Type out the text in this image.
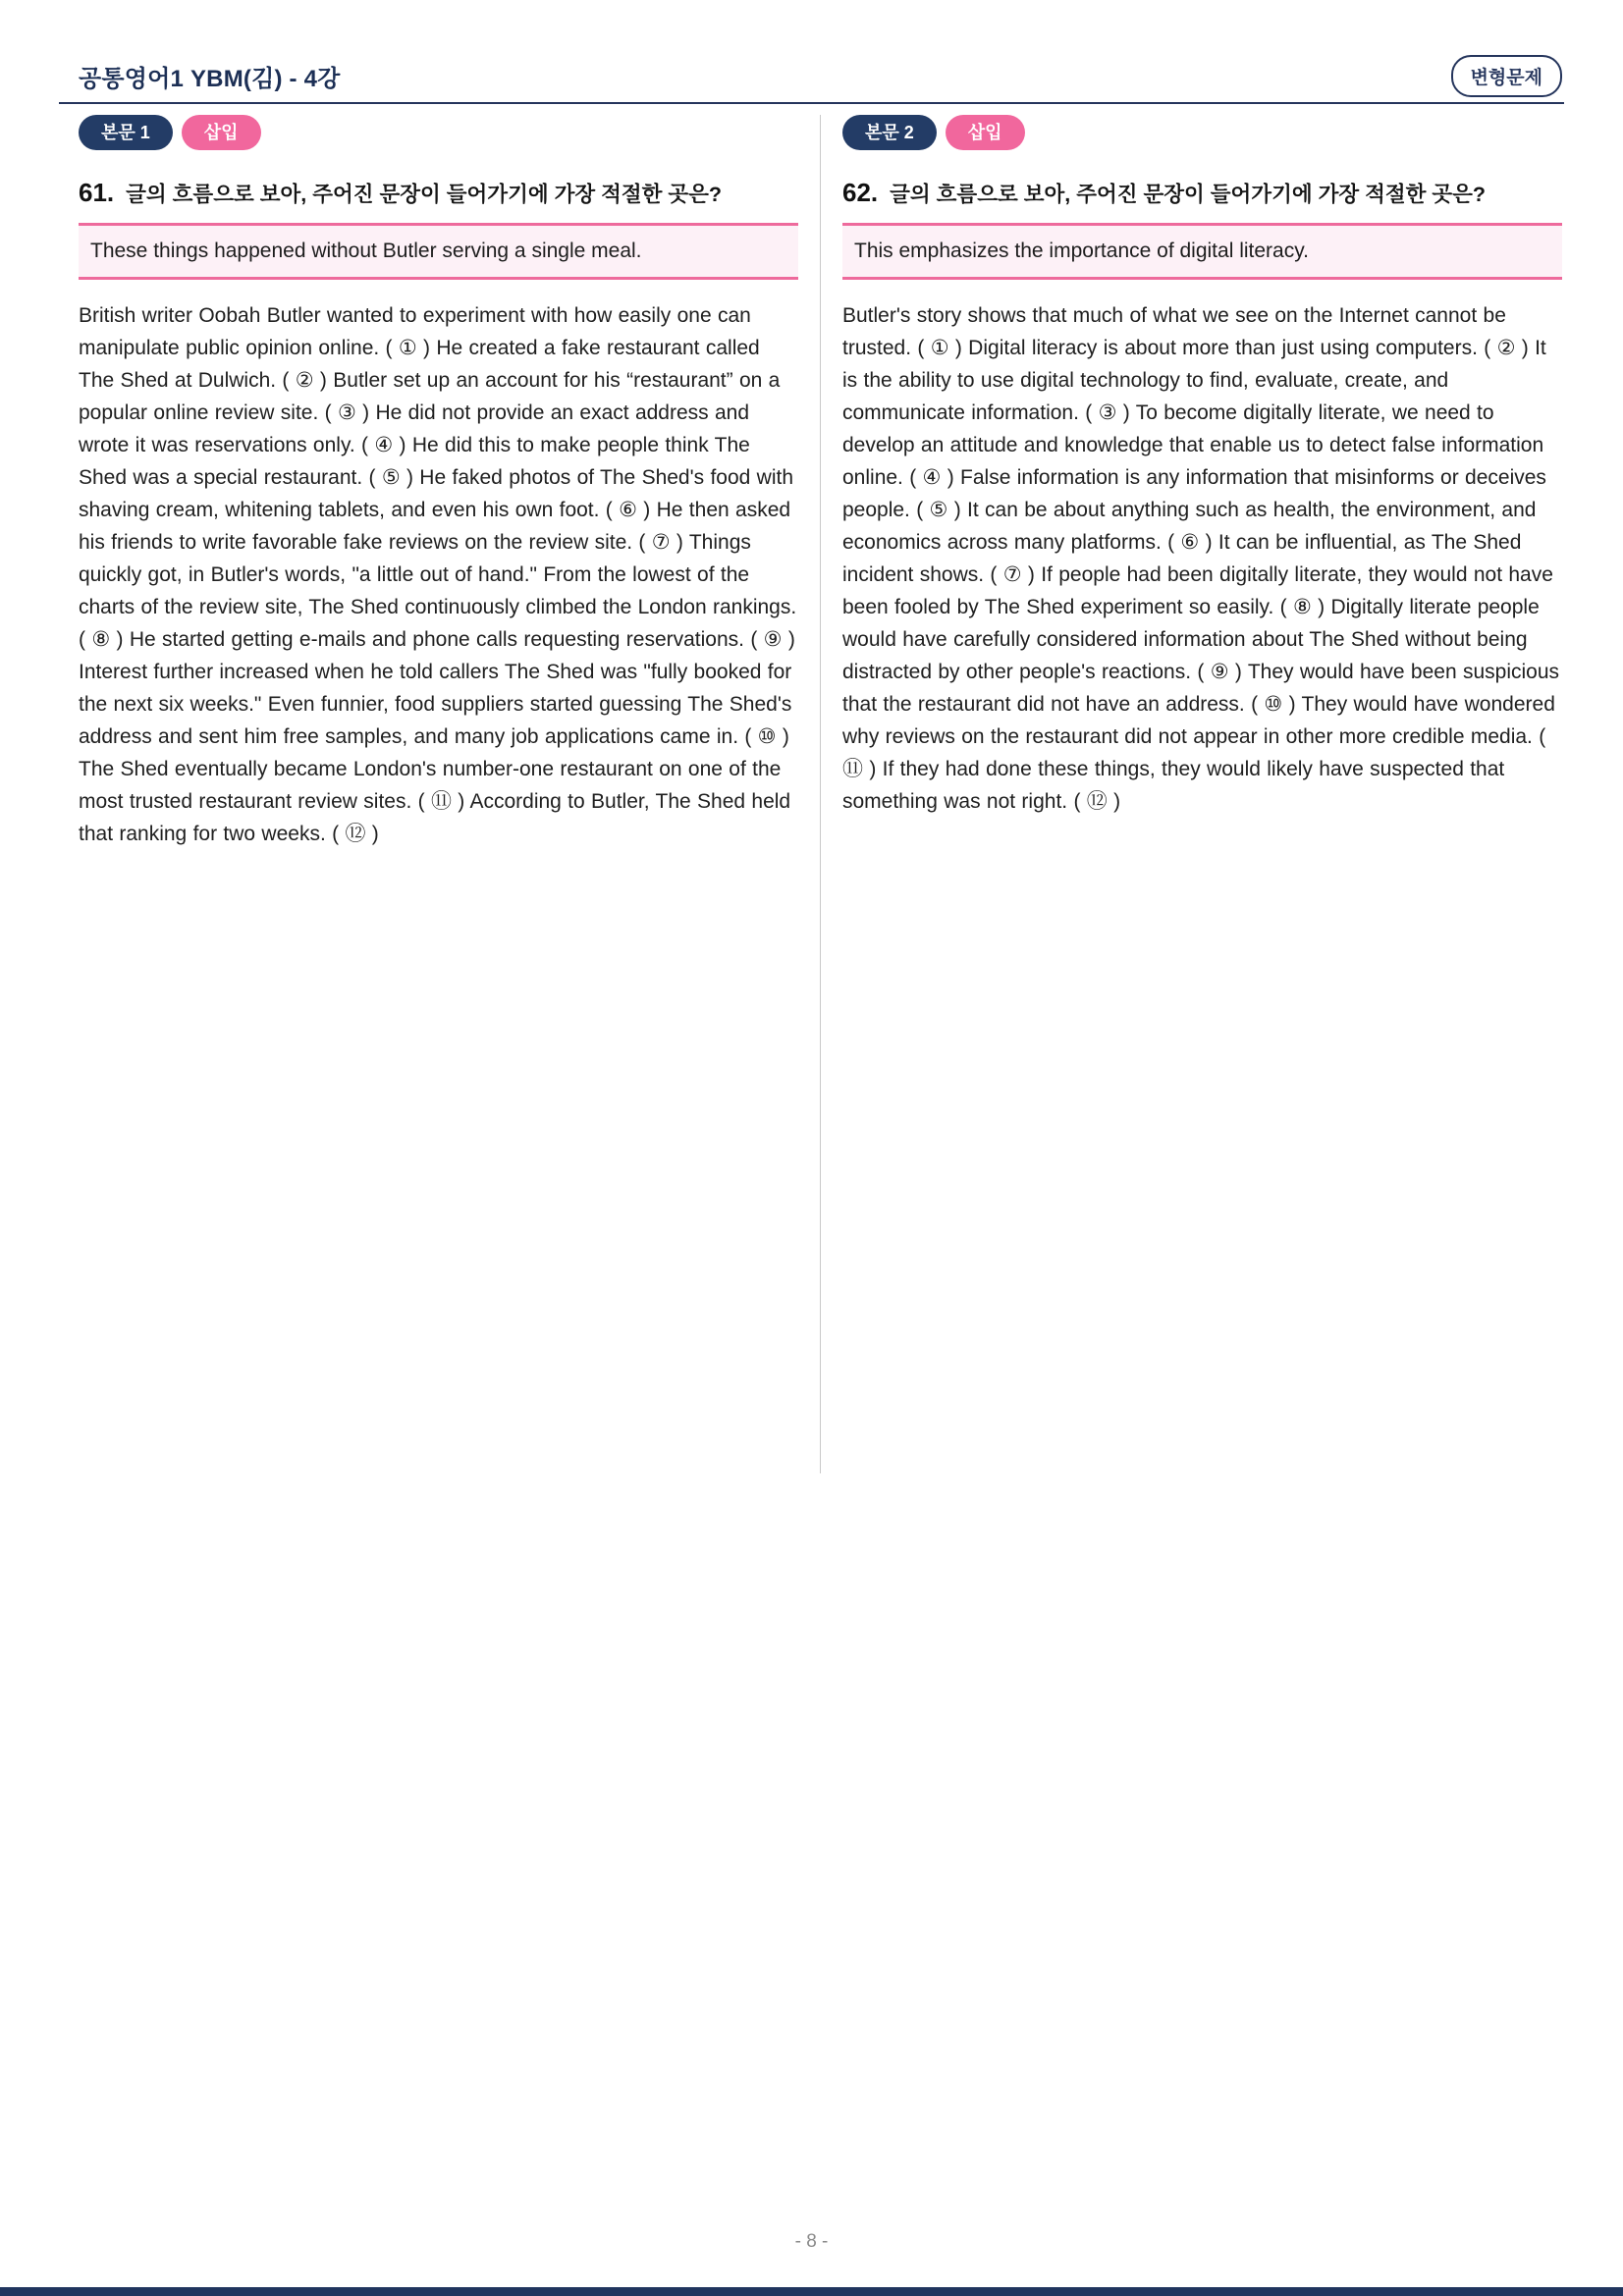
공통영어1 YBM(김) - 4강	변형문제
본문 1	삽입
61. 글의 흐름으로 보아, 주어진 문장이 들어가기에 가장 적절한 곳은?
These things happened without Butler serving a single meal.

British writer Oobah Butler wanted to experiment with how easily one can manipulate public opinion online. ( ① ) He created a fake restaurant called The Shed at Dulwich. ( ② ) Butler set up an account for his “restaurant” on a popular online review site. ( ③ ) He did not provide an exact address and wrote it was reservations only. ( ④ ) He did this to make people think The Shed was a special restaurant. ( ⑤ ) He faked photos of The Shed's food with shaving cream, whitening tablets, and even his own foot. ( ⑥ ) He then asked his friends to write favorable fake reviews on the review site. ( ⑦ ) Things quickly got, in Butler's words, "a little out of hand." From the lowest of the charts of the review site, The Shed continuously climbed the London rankings. ( ⑧ ) He started getting e-mails and phone calls requesting reservations. ( ⑨ ) Interest further increased when he told callers The Shed was "fully booked for the next six weeks." Even funnier, food suppliers started guessing The Shed's address and sent him free samples, and many job applications came in. ( ⑩ ) The Shed eventually became London's number-one restaurant on one of the most trusted restaurant review sites. ( ⑪ ) According to Butler, The Shed held that ranking for two weeks. ( ⑫ )

본문 2	삽입
62. 글의 흐름으로 보아, 주어진 문장이 들어가기에 가장 적절한 곳은?
This emphasizes the importance of digital literacy.

Butler's story shows that much of what we see on the Internet cannot be trusted. ( ① ) Digital literacy is about more than just using computers. ( ② ) It is the ability to use digital technology to find, evaluate, create, and communicate information. ( ③ ) To become digitally literate, we need to develop an attitude and knowledge that enable us to detect false information online. ( ④ ) False information is any information that misinforms or deceives people. ( ⑤ ) It can be about anything such as health, the environment, and economics across many platforms. ( ⑥ ) It can be influential, as The Shed incident shows. ( ⑦ ) If people had been digitally literate, they would not have been fooled by The Shed experiment so easily. ( ⑧ ) Digitally literate people would have carefully considered information about The Shed without being distracted by other people's reactions. ( ⑨ ) They would have been suspicious that the restaurant did not have an address. ( ⑩ ) They would have wondered why reviews on the restaurant did not appear in other more credible media. ( ⑪ ) If they had done these things, they would likely have suspected that something was not right. ( ⑫ )

- 8 -
